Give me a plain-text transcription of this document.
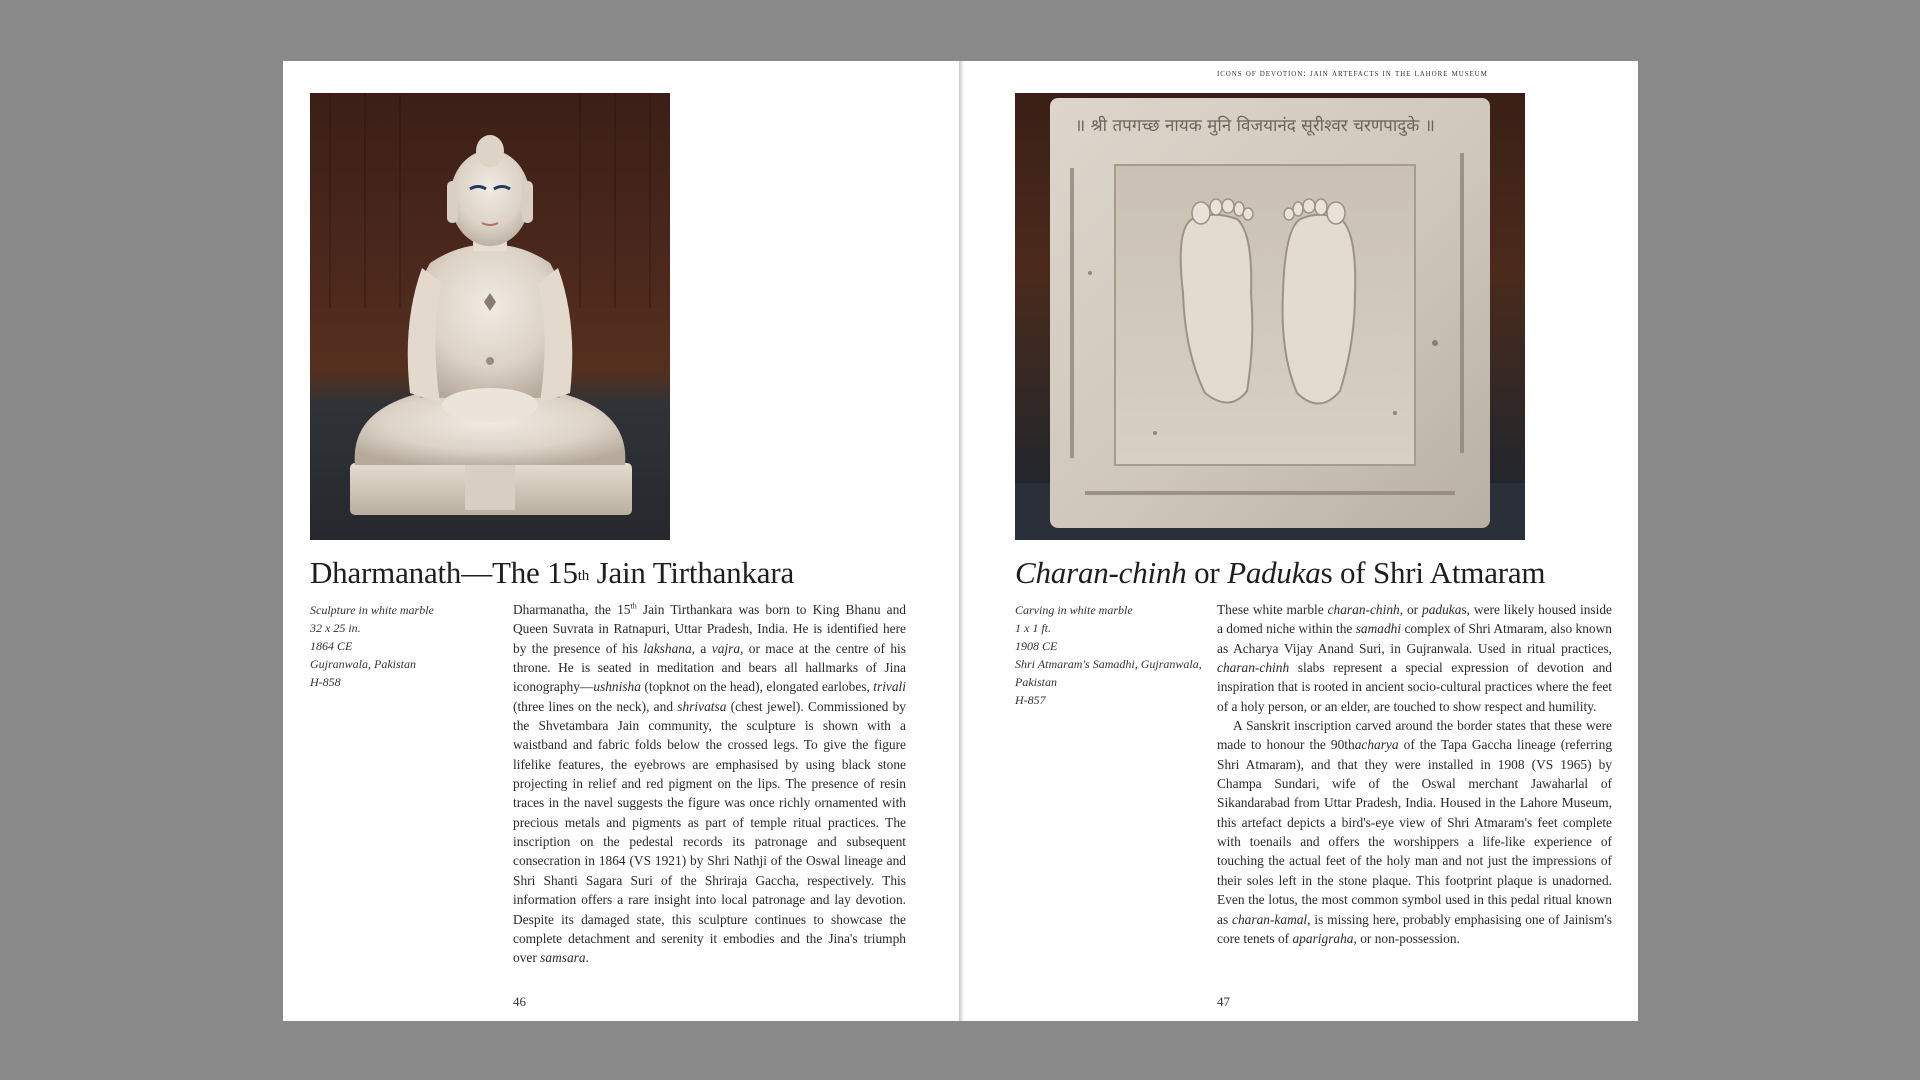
Dharmanath—The 15th Jain Tirthankara
Sculpture in white marble
32 x 25 in.
1864 CE
Gujranwala, Pakistan
H-858

Dharmanatha, the 15th Jain Tirthankara was born to King Bhanu and Queen Suvrata in Ratnapuri, Uttar Pradesh, India. He is identified here by the presence of his lakshana, a vajra, or mace at the centre of his throne. He is seated in meditation and bears all hallmarks of Jina iconography—ushnisha (topknot on the head), elongated earlobes, trivali (three lines on the neck), and shrivatsa (chest jewel). Commissioned by the Shvetambara Jain community, the sculpture is shown with a waistband and fabric folds below the crossed legs. To give the figure lifelike features, the eyebrows are emphasised by using black stone projecting in relief and red pigment on the lips. The presence of resin traces in the navel suggests the figure was once richly ornamented with precious metals and pigments as part of temple ritual practices. The inscription on the pedestal records its patronage and subsequent consecration in 1864 (VS 1921) by Shri Nathji of the Oswal lineage and Shri Shanti Sagara Suri of the Shriraja Gaccha, respectively. This information offers a rare insight into local patronage and lay devotion. Despite its damaged state, this sculpture continues to showcase the complete detachment and serenity it embodies and the Jina's triumph over samsara.

46
icons of devotion: jain artefacts in the lahore museum
॥ श्री तपगच्छ नायक मुनि विजयानंद सूरीश्वर चरणपादुके ॥
Charan-chinh or Padukas of Shri Atmaram
Carving in white marble
1 x 1 ft.
1908 CE
Shri Atmaram's Samadhi, Gujranwala, Pakistan
H-857

These white marble charan-chinh, or padukas, were likely housed inside a domed niche within the samadhi complex of Shri Atmaram, also known as Acharya Vijay Anand Suri, in Gujranwala. Used in ritual practices, charan-chinh slabs represent a special expression of devotion and inspiration that is rooted in ancient socio-cultural practices where the feet of a holy person, or an elder, are touched to show respect and humility.

A Sanskrit inscription carved around the border states that these were made to honour the 90thacharya of the Tapa Gaccha lineage (referring Shri Atmaram), and that they were installed in 1908 (VS 1965) by Champa Sundari, wife of the Oswal merchant Jawaharlal of Sikandarabad from Uttar Pradesh, India. Housed in the Lahore Museum, this artefact depicts a bird's-eye view of Shri Atmaram's feet complete with toenails and offers the worshippers a life-like experience of touching the actual feet of the holy man and not just the impressions of their soles left in the stone plaque. This footprint plaque is unadorned. Even the lotus, the most common symbol used in this pedal ritual known as charan-kamal, is missing here, probably emphasising one of Jainism's core tenets of aparigraha, or non-possession.

47
